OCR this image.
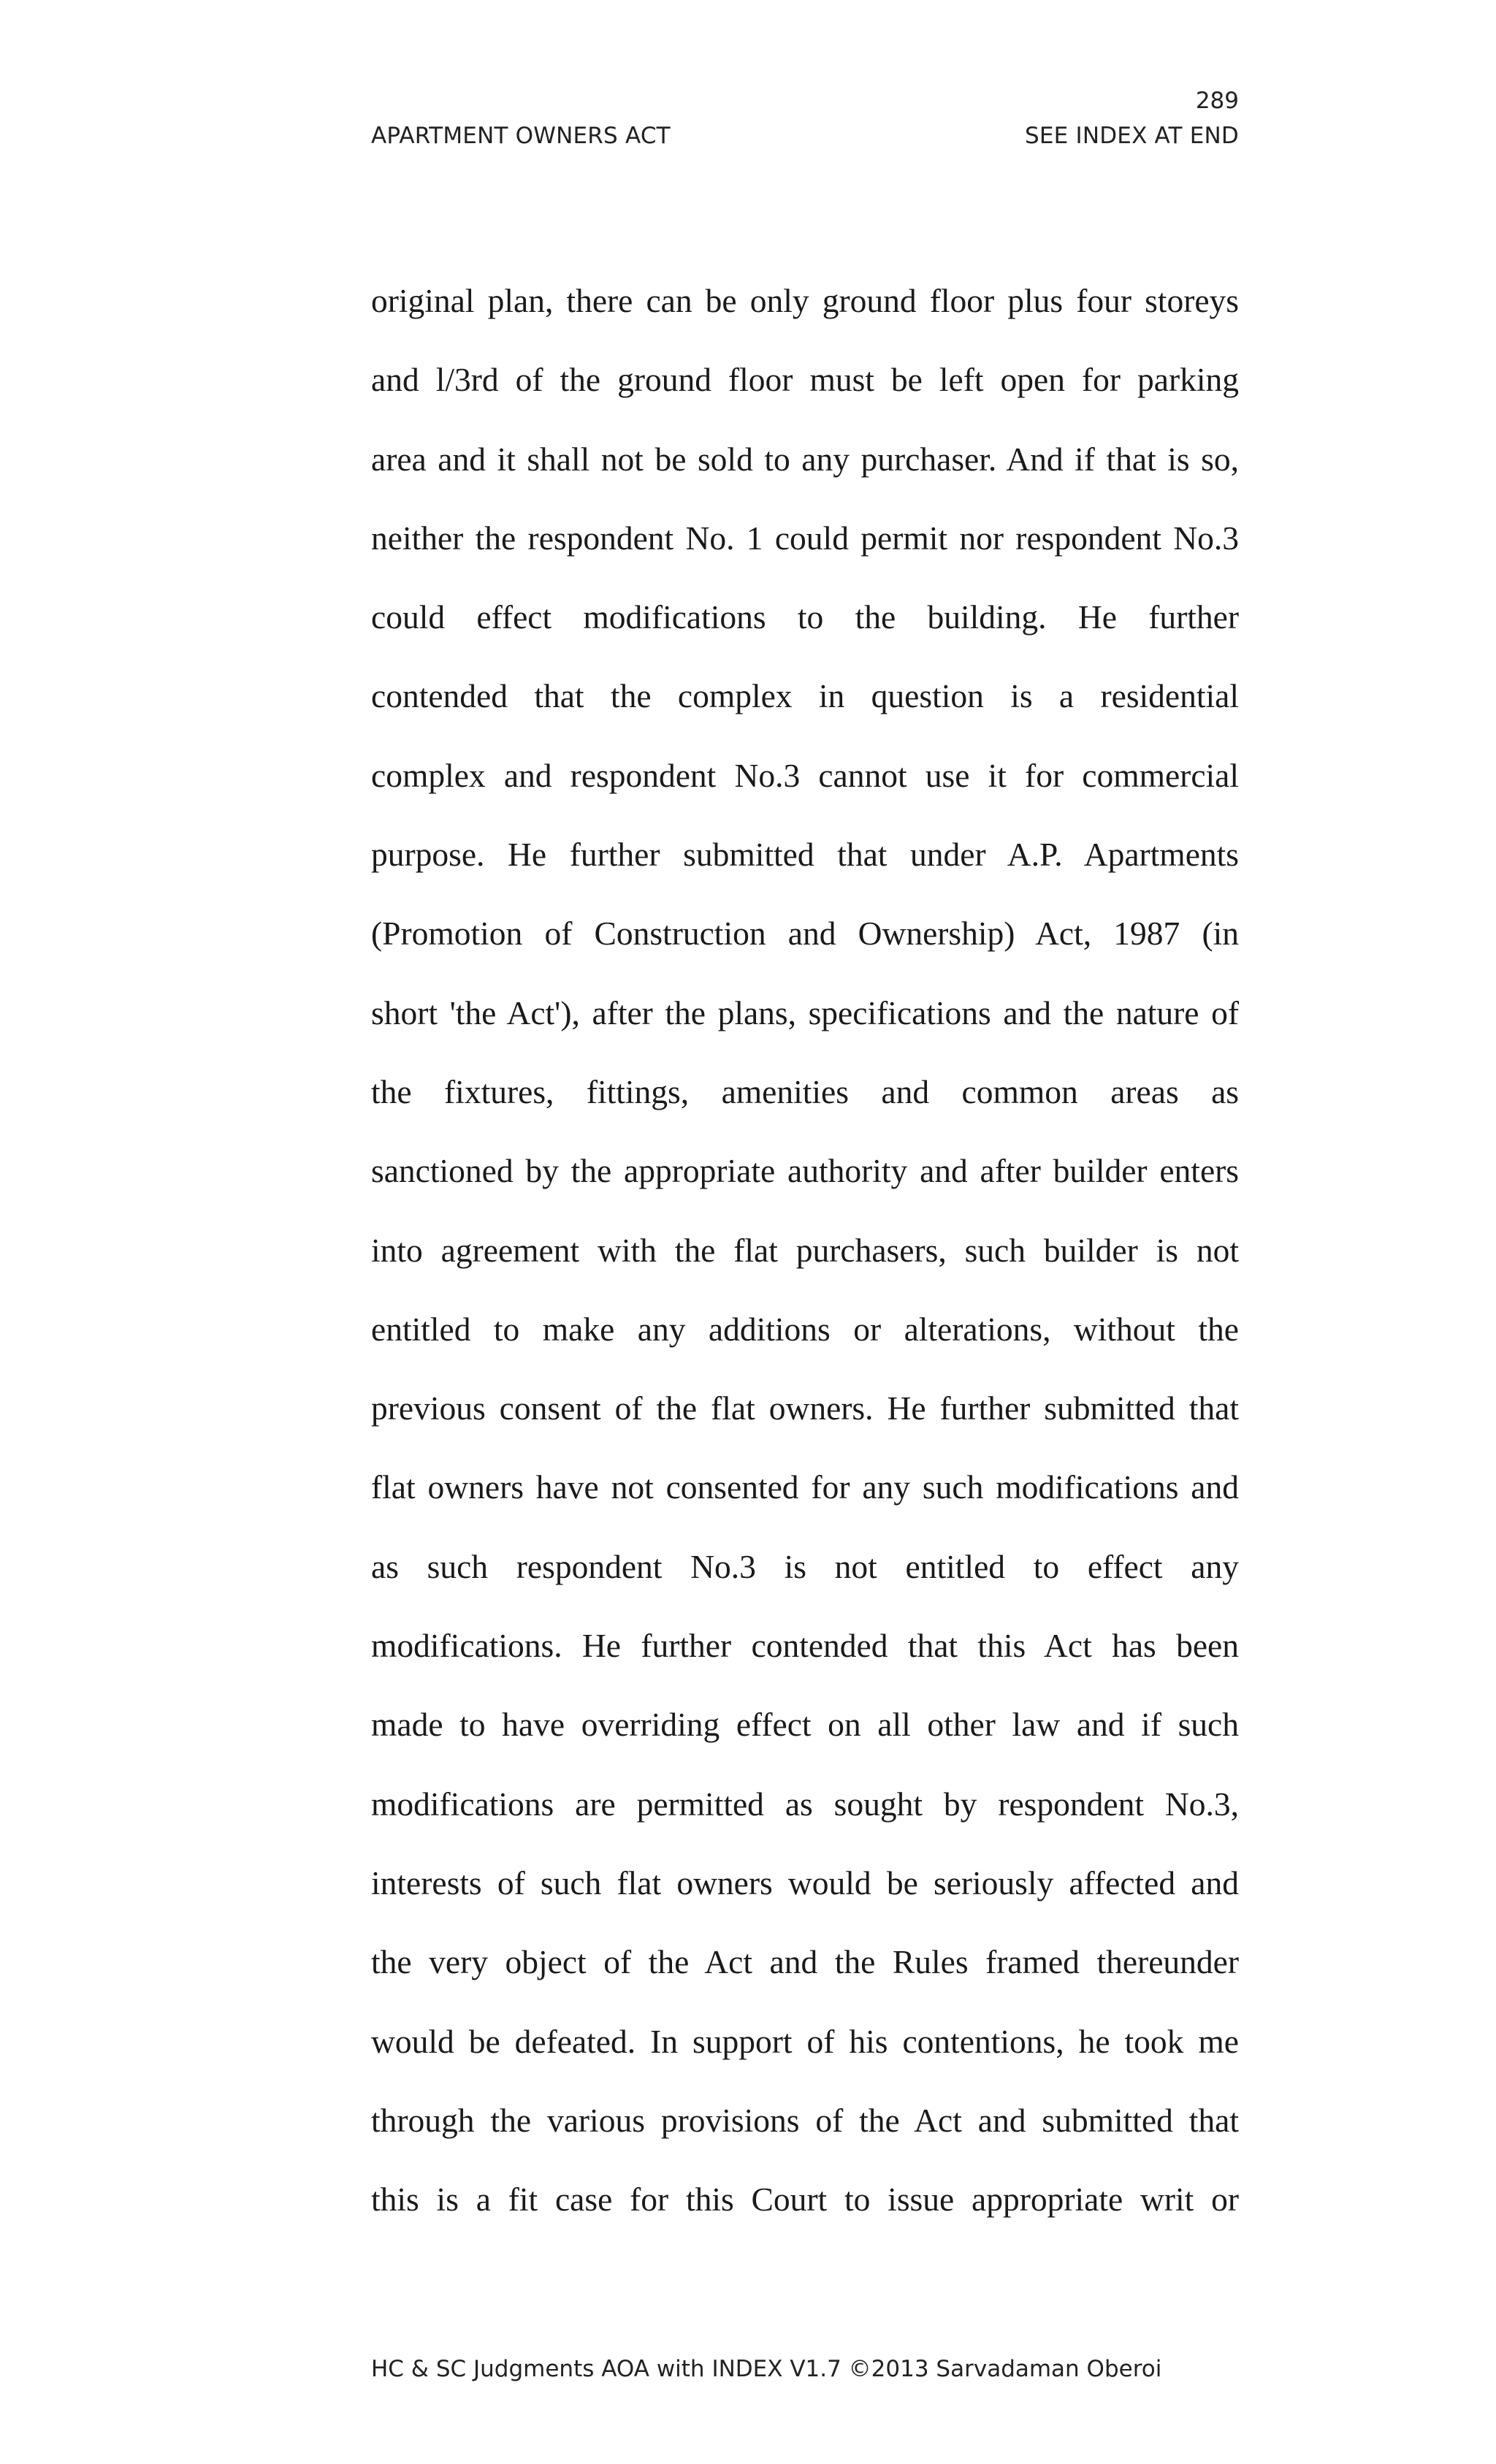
289
APARTMENT OWNERS ACT	SEE INDEX AT END
original plan, there can be only ground floor plus four storeys
and l/3rd of the ground floor must be left open for parking
area and it shall not be sold to any purchaser. And if that is so,
neither the respondent No. 1 could permit nor respondent No.3
could effect modifications to the building. He further
contended that the complex in question is a residential
complex and respondent No.3 cannot use it for commercial
purpose. He further submitted that under A.P. Apartments
(Promotion of Construction and Ownership) Act, 1987 (in
short 'the Act'), after the plans, specifications and the nature of
the fixtures, fittings, amenities and common areas as
sanctioned by the appropriate authority and after builder enters
into agreement with the flat purchasers, such builder is not
entitled to make any additions or alterations, without the
previous consent of the flat owners. He further submitted that
flat owners have not consented for any such modifications and
as such respondent No.3 is not entitled to effect any
modifications. He further contended that this Act has been
made to have overriding effect on all other law and if such
modifications are permitted as sought by respondent No.3,
interests of such flat owners would be seriously affected and
the very object of the Act and the Rules framed thereunder
would be defeated. In support of his contentions, he took me
through the various provisions of the Act and submitted that
this is a fit case for this Court to issue appropriate writ or
HC & SC Judgments AOA with INDEX V1.7 ©2013 Sarvadaman Oberoi
